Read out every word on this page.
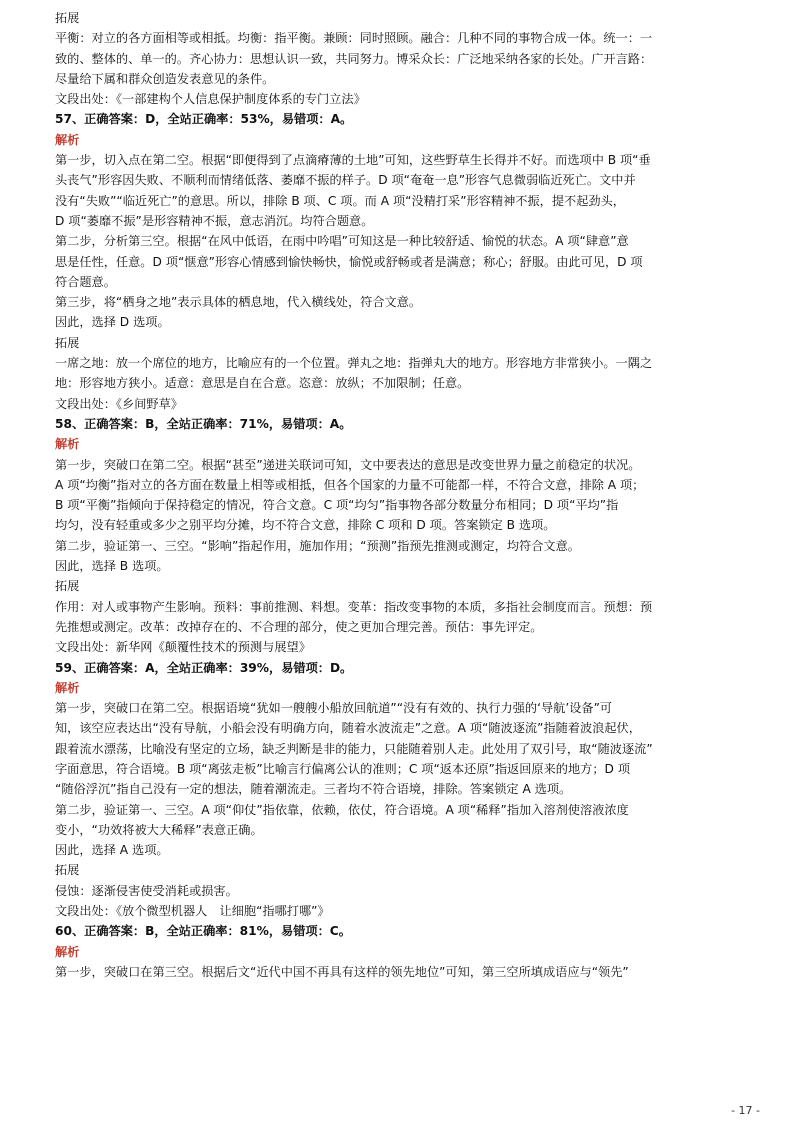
拓展
平衡：对立的各方面相等或相抵。均衡：指平衡。兼顾：同时照顾。融合：几种不同的事物合成一体。统一：一
致的、整体的、单一的。齐心协力：思想认识一致，共同努力。博采众长：广泛地采纳各家的长处。广开言路：
尽量给下属和群众创造发表意见的条件。
文段出处：《一部建构个人信息保护制度体系的专门立法》
57、正确答案：D，全站正确率：53%，易错项：A。
解析
第一步，切入点在第二空。根据“即便得到了点滴瘠薄的土地”可知，这些野草生长得并不好。而选项中 B 项“垂
头丧气”形容因失败、不顺利而情绪低落、萎靡不振的样子。D 项“奄奄一息”形容气息微弱临近死亡。文中并
没有“失败”“临近死亡”的意思。所以，排除 B 项、C 项。而 A 项“没精打采”形容精神不振，提不起劲头，
D 项“萎靡不振”是形容精神不振，意志消沉。均符合题意。
第二步，分析第三空。根据“在风中低语，在雨中吟唱”可知这是一种比较舒适、愉悦的状态。A 项“肆意”意
思是任性，任意。D 项“惬意”形容心情感到愉快畅快，愉悦或舒畅或者是满意；称心；舒服。由此可见，D 项
符合题意。
第三步，将“栖身之地”表示具体的栖息地，代入横线处，符合文意。
因此，选择 D 选项。
拓展
一席之地：放一个席位的地方，比喻应有的一个位置。弹丸之地：指弹丸大的地方。形容地方非常狭小。一隅之
地：形容地方狭小。适意：意思是自在合意。恣意：放纵；不加限制；任意。
文段出处：《乡间野草》
58、正确答案：B，全站正确率：71%，易错项：A。
解析
第一步，突破口在第二空。根据“甚至”递进关联词可知，文中要表达的意思是改变世界力量之前稳定的状况。
A 项“均衡”指对立的各方面在数量上相等或相抵，但各个国家的力量不可能都一样，不符合文意，排除 A 项；
B 项“平衡”指倾向于保持稳定的情况，符合文意。C 项“均匀”指事物各部分数量分布相同；D 项“平均”指
均匀，没有轻重或多少之别平均分摊，均不符合文意，排除 C 项和 D 项。答案锁定 B 选项。
第二步，验证第一、三空。“影响”指起作用，施加作用；“预测”指预先推测或测定，均符合文意。
因此，选择 B 选项。
拓展
作用：对人或事物产生影响。预料：事前推测、料想。变革：指改变事物的本质，多指社会制度而言。预想：预
先推想或测定。改革：改掉存在的、不合理的部分，使之更加合理完善。预估：事先评定。
文段出处：新华网《颠覆性技术的预测与展望》
59、正确答案：A，全站正确率：39%，易错项：D。
解析
第一步，突破口在第二空。根据语境“犹如一艘艘小船放回航道”“没有有效的、执行力强的‘导航’设备”可
知，该空应表达出“没有导航，小船会没有明确方向，随着水波流走”之意。A 项“随波逐流”指随着波浪起伏，
跟着流水漂荡，比喻没有坚定的立场，缺乏判断是非的能力，只能随着别人走。此处用了双引号，取“随波逐流”
字面意思，符合语境。B 项“离弦走板”比喻言行偏离公认的准则；C 项“返本还原”指返回原来的地方；D 项
“随俗浮沉”指自己没有一定的想法，随着潮流走。三者均不符合语境，排除。答案锁定 A 选项。
第二步，验证第一、三空。A 项“仰仗”指依靠，依赖，依仗，符合语境。A 项“稀释”指加入溶剂使溶液浓度
变小，“功效将被大大稀释”表意正确。
因此，选择 A 选项。
拓展
侵蚀：逐渐侵害使受消耗或损害。
文段出处：《放个微型机器人　让细胞“指哪打哪”》
60、正确答案：B，全站正确率：81%，易错项：C。
解析
第一步，突破口在第三空。根据后文“近代中国不再具有这样的领先地位”可知，第三空所填成语应与“领先”
- 17 -
